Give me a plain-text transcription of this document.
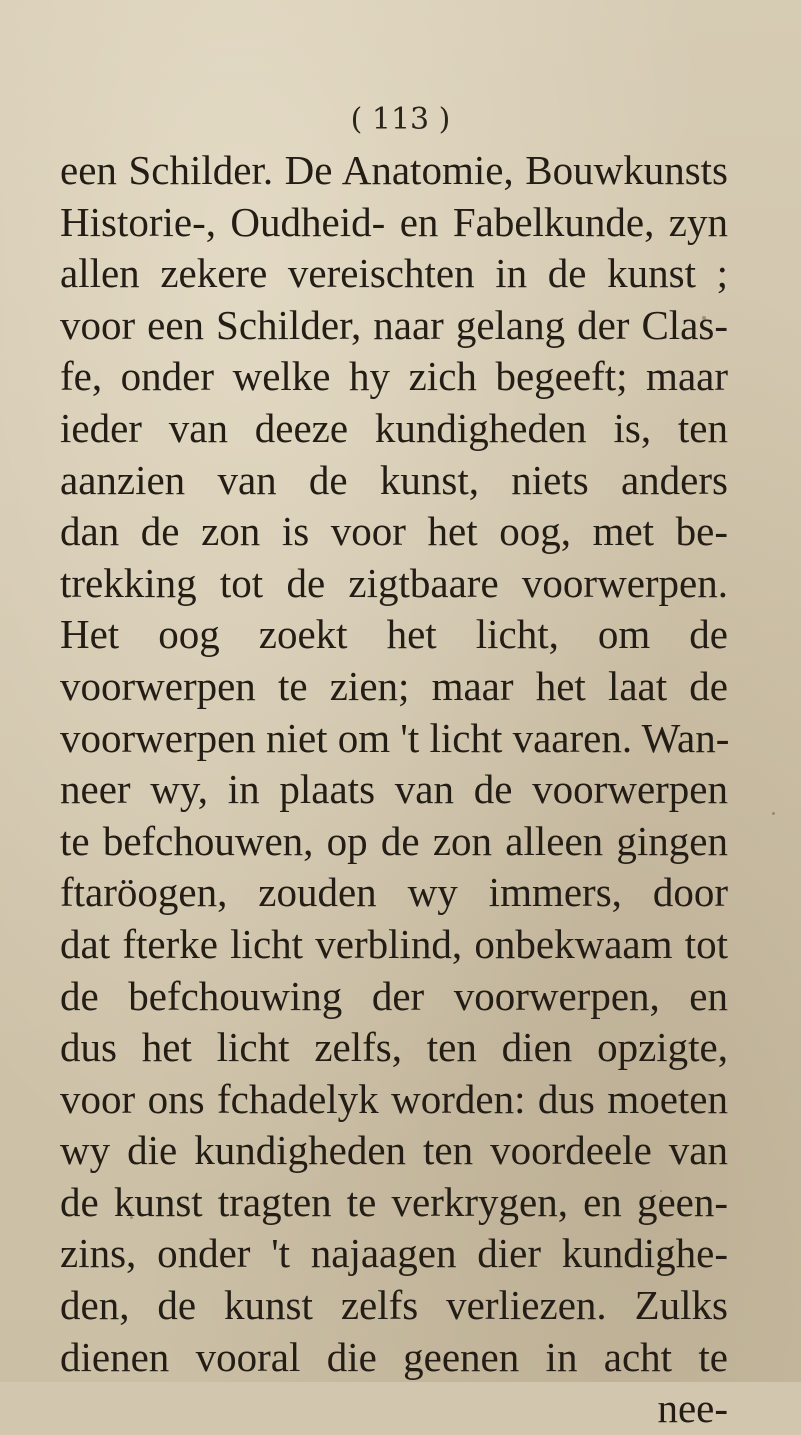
( 113 )
een Schilder. De Anatomie, Bouwkunsts
Historie-, Oudheid- en Fabelkunde, zyn
allen zekere vereischten in de kunst ;
voor een Schilder, naar gelang der Clas-
fe, onder welke hy zich begeeft; maar
ieder van deeze kundigheden is, ten
aanzien van de kunst, niets anders
dan de zon is voor het oog, met be-
trekking tot de zigtbaare voorwerpen.
Het oog zoekt het licht, om de
voorwerpen te zien; maar het laat de
voorwerpen niet om 't licht vaaren. Wan-
neer wy, in plaats van de voorwerpen
te befchouwen, op de zon alleen gingen
ftaröogen, zouden wy immers, door
dat fterke licht verblind, onbekwaam tot
de befchouwing der voorwerpen, en
dus het licht zelfs, ten dien opzigte,
voor ons fchadelyk worden: dus moeten
wy die kundigheden ten voordeele van
de kunst tragten te verkrygen, en geen-
zins, onder 't najaagen dier kundighe-
den, de kunst zelfs verliezen. Zulks
dienen vooral die geenen in acht te
nee-
